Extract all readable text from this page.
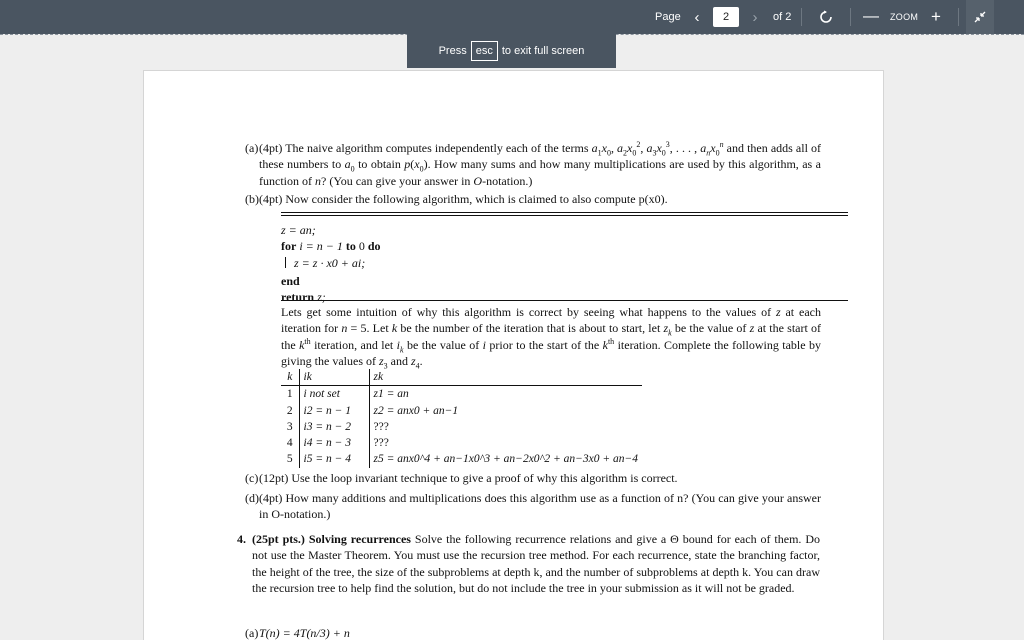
Page ‹	2	›	of 2	— ZOOM +
Press esc to exit full screen
(a) (4pt) The naive algorithm computes independently each of the terms $a_1x_0$, $a_2x_0^2$, $a_3x_0^3$, . . . , $a_nx_0^n$ and then adds all of these numbers to $a_0$ to obtain $p(x_0)$. How many sums and how many multiplications are used by this algorithm, as a function of n? (You can give your answer in O-notation.)
(b) (4pt) Now consider the following algorithm, which is claimed to also compute p(x0).
z = an;
for i = n − 1 to 0 do
z = z · x0 + ai;
end
return z;
Lets get some intuition of why this algorithm is correct by seeing what happens to the values of z at each iteration for n = 5. Let k be the number of the iteration that is about to start, let $z_k$ be the value of z at the start of the $k^{th}$ iteration, and let $i_k$ be the value of i prior to the start of the $k^{th}$ iteration. Complete the following table by giving the values of $z_3$ and $z_4$.
k	ik	zk
1	i not set	z1 = an
2	i2 = n − 1	z2 = anx0 + an−1
3	i3 = n − 2	???
4	i4 = n − 3	???
5	i5 = n − 4	z5 = anx0^4 + an−1x0^3 + an−2x0^2 + an−3x0 + an−4
(c) (12pt) Use the loop invariant technique to give a proof of why this algorithm is correct.
(d) (4pt) How many additions and multiplications does this algorithm use as a function of n? (You can give your answer in O-notation.)
4. (25pt pts.) Solving recurrences Solve the following recurrence relations and give a Θ bound for each of them. Do not use the Master Theorem. You must use the recursion tree method. For each recurrence, state the branching factor, the height of the tree, the size of the subproblems at depth k, and the number of subproblems at depth k. You can draw the recursion tree to help find the solution, but do not include the tree in your submission as it will not be graded.
(a) T(n) = 4T(n/3) + n
